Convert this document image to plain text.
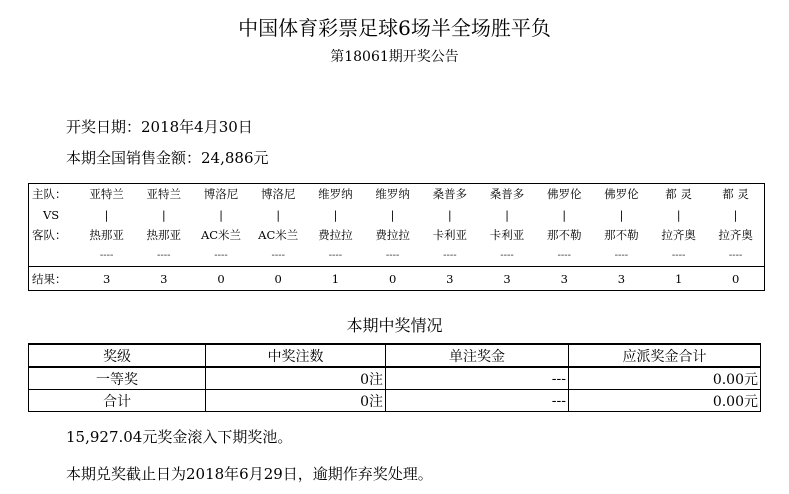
中国体育彩票足球6场半全场胜平负
第18061期开奖公告
开奖日期：2018年4月30日
本期全国销售金额：24,886元
主队：	亚特兰	亚特兰	博洛尼	博洛尼	维罗纳	维罗纳	桑普多	桑普多	佛罗伦	佛罗伦	都 灵	都 灵
VS	|	|	|	|	|	|	|	|	|	|	|	|
客队：	热那亚	热那亚	AC米兰	AC米兰	费拉拉	费拉拉	卡利亚	卡利亚	那不勒	那不勒	拉齐奥	拉齐奥
	----	----	----	----	----	----	----	----	----	----	----	----
结果：	3	3	0	0	1	0	3	3	3	3	1	0
本期中奖情况
奖级	中奖注数	单注奖金	应派奖金合计
一等奖	0注	---	0.00元
合计	0注	---	0.00元
15,927.04元奖金滚入下期奖池。
本期兑奖截止日为2018年6月29日，逾期作弃奖处理。
